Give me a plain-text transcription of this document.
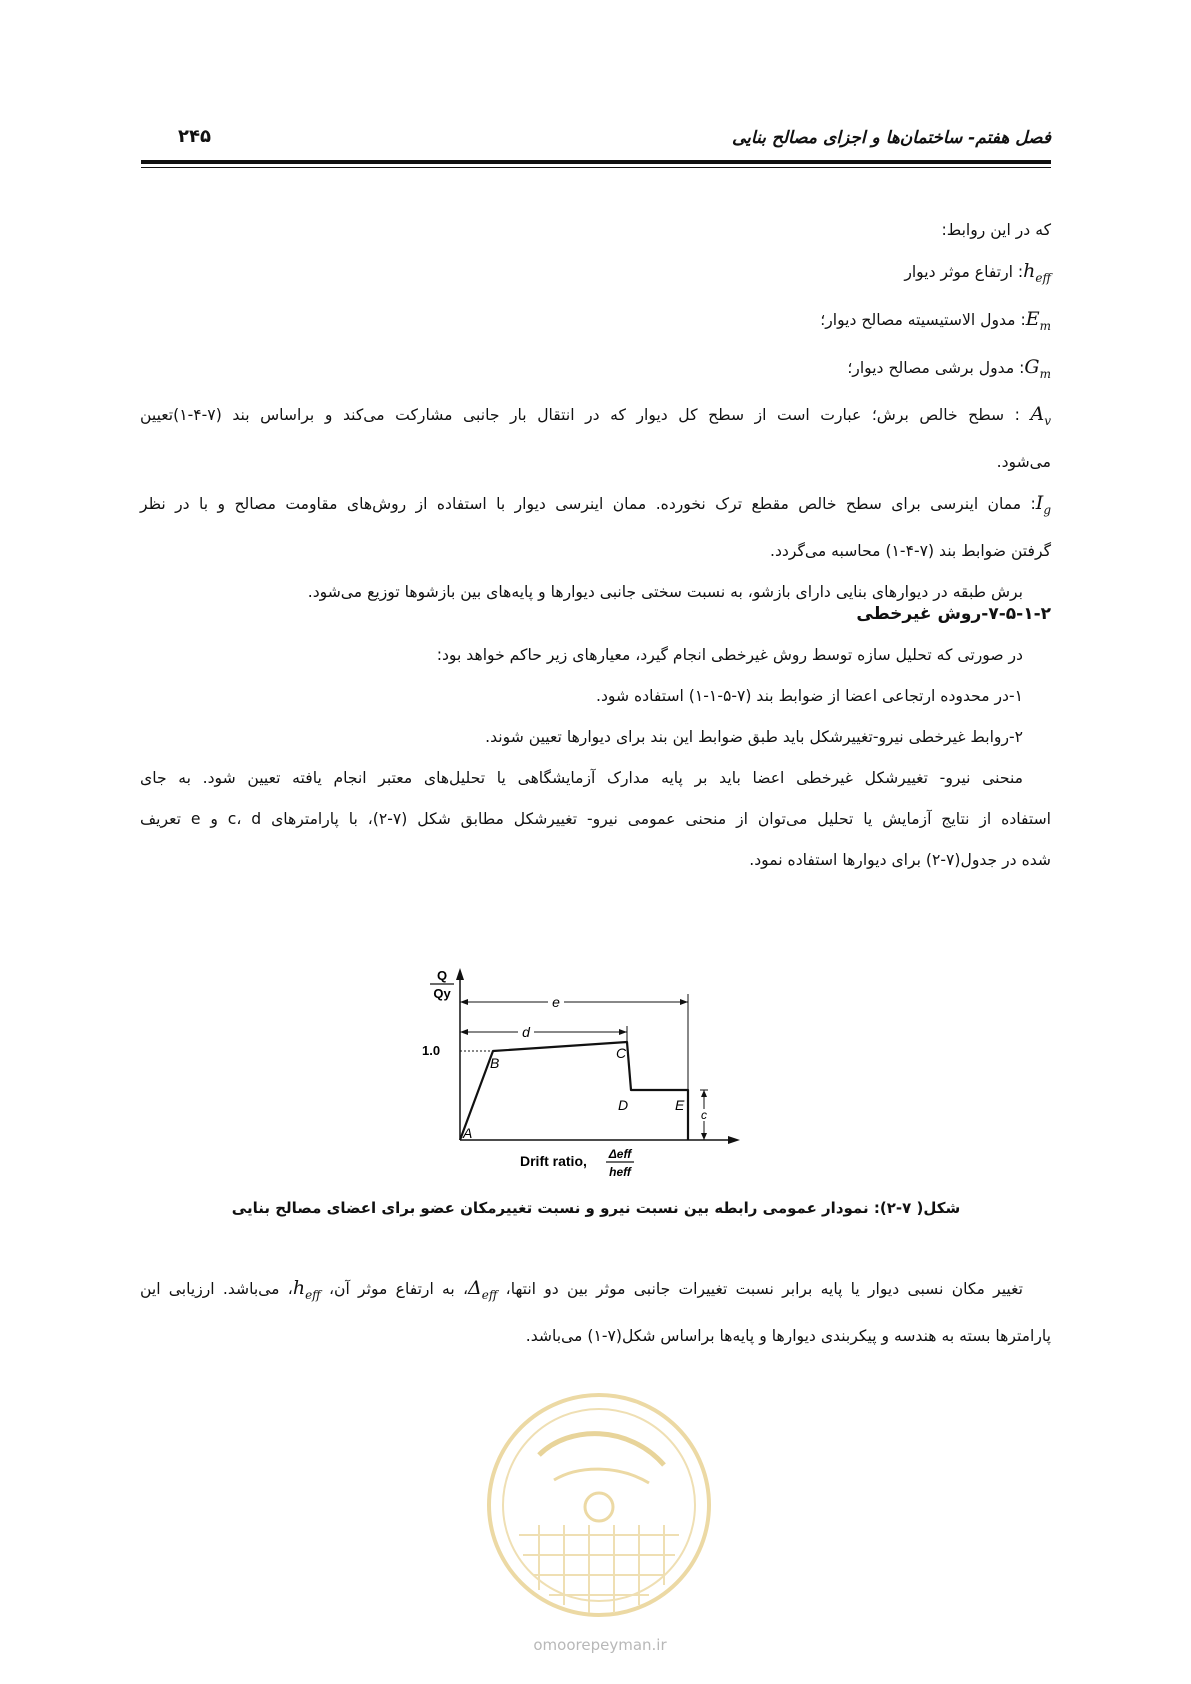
فصل هفتم- ساختمان‌ها و اجزای مصالح بنایی
۲۴۵

که در این روابط:

$h_{eff}$: ارتفاع موثر دیوار

$E_m$: مدول الاستیسیته مصالح دیوار؛

$G_m$: مدول برشی مصالح دیوار؛

$A_v$ : سطح خالص برش؛ عبارت است از سطح کل دیوار که در انتقال بار جانبی مشارکت می‌کند و براساس بند (۷-۴-۱)تعیین

می‌شود.

$I_g$: ممان اینرسی برای سطح خالص مقطع ترک نخورده. ممان اینرسی دیوار با استفاده از روش‌های مقاومت مصالح و با در نظر

گرفتن ضوابط بند (۷-۴-۱) محاسبه می‌گردد.

برش طبقه در دیوارهای بنایی دارای بازشو، به نسبت سختی جانبی دیوارها و پایه‌های بین بازشوها توزیع می‌شود.

۷-۵-۱-۲-روش غیرخطی

در صورتی که تحلیل سازه توسط روش غیرخطی انجام گیرد، معیارهای زیر حاکم خواهد بود:

۱-در محدوده ارتجاعی اعضا از ضوابط بند (۷-۵-۱-۱) استفاده شود.

۲-روابط غیرخطی نیرو-تغییرشکل باید طبق ضوابط این بند برای دیوارها تعیین شوند.

منحنی نیرو- تغییرشکل غیرخطی اعضا باید بر پایه مدارک آزمایشگاهی یا تحلیل‌های معتبر انجام یافته تعیین شود. به جای

استفاده از نتایج آزمایش یا تحلیل می‌توان از منحنی عمومی نیرو- تغییرشکل مطابق شکل (۷-۲)، با پارامترهای c، d و e تعریف

شده در جدول(۷-۲) برای دیوارها استفاده نمود.

Q
Qy
1.0
e
d
c
A
B
C
D	E
Drift ratio, Δeff
heff
شکل( ۷-۲): نمودار عمومی رابطه بین نسبت نیرو و نسبت تغییرمکان عضو برای اعضای مصالح بنایی

تغییر مکان نسبی دیوار یا پایه برابر نسبت تغییرات جانبی موثر بین دو انتها، $\Delta_{eff}،$ به ارتفاع موثر آن، $h_{eff}،$ می‌باشد. ارزیابی این

پارامترها بسته به هندسه و پیکربندی دیوارها و پایه‌ها براساس شکل(۷-۱) می‌باشد.

omoorepeyman.ir
